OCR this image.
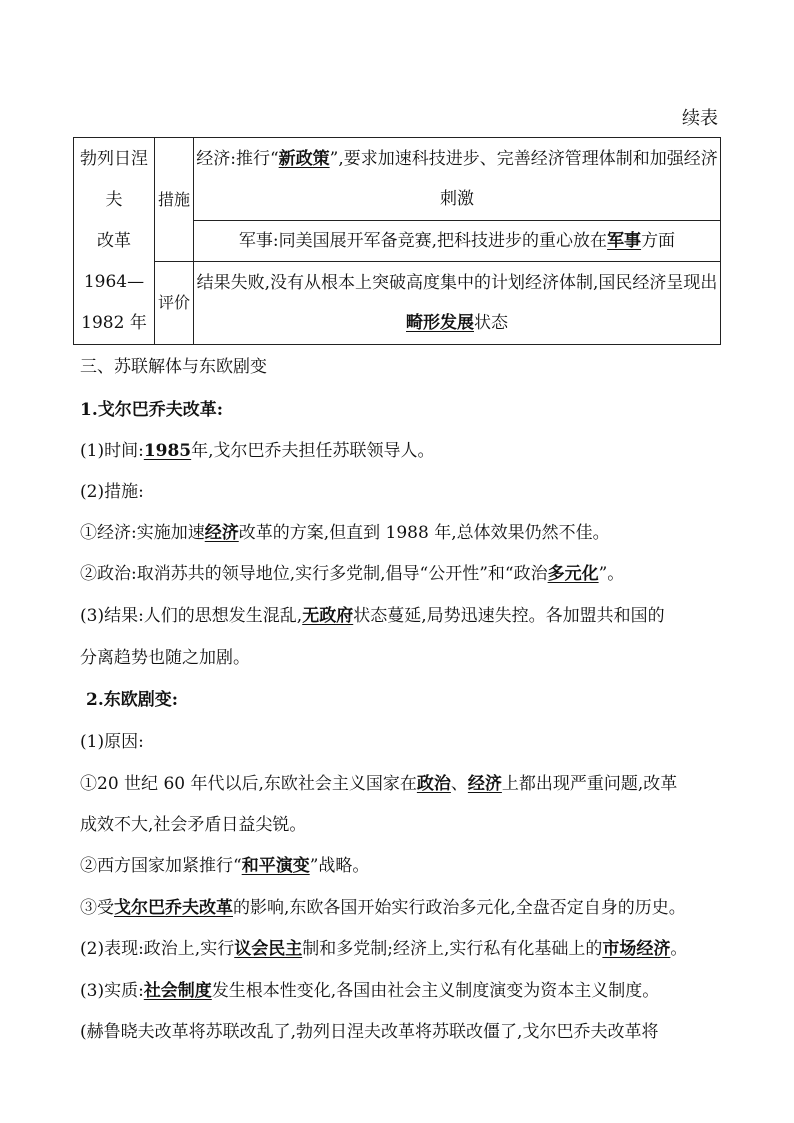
续表
勃列日涅
夫
改革
1964—
1982 年	措施	经济:推行“新政策”,要求加速科技进步、完善经济管理体制和加强经济刺激
		军事:同美国展开军备竞赛,把科技进步的重心放在军事方面
	评价	结果失败,没有从根本上突破高度集中的计划经济体制,国民经济呈现出畸形发展状态
三、苏联解体与东欧剧变
1.戈尔巴乔夫改革:
(1)时间:1985年,戈尔巴乔夫担任苏联领导人。
(2)措施:
①经济:实施加速经济改革的方案,但直到 1988 年,总体效果仍然不佳。
②政治:取消苏共的领导地位,实行多党制,倡导“公开性”和“政治多元化”。
(3)结果:人们的思想发生混乱,无政府状态蔓延,局势迅速失控。各加盟共和国的
分离趋势也随之加剧。
2.东欧剧变:
(1)原因:
①20 世纪 60 年代以后,东欧社会主义国家在政治、经济上都出现严重问题,改革
成效不大,社会矛盾日益尖锐。
②西方国家加紧推行“和平演变”战略。
③受戈尔巴乔夫改革的影响,东欧各国开始实行政治多元化,全盘否定自身的历史。
(2)表现:政治上,实行议会民主制和多党制;经济上,实行私有化基础上的市场经济。
(3)实质:社会制度发生根本性变化,各国由社会主义制度演变为资本主义制度。
(赫鲁晓夫改革将苏联改乱了,勃列日涅夫改革将苏联改僵了,戈尔巴乔夫改革将
